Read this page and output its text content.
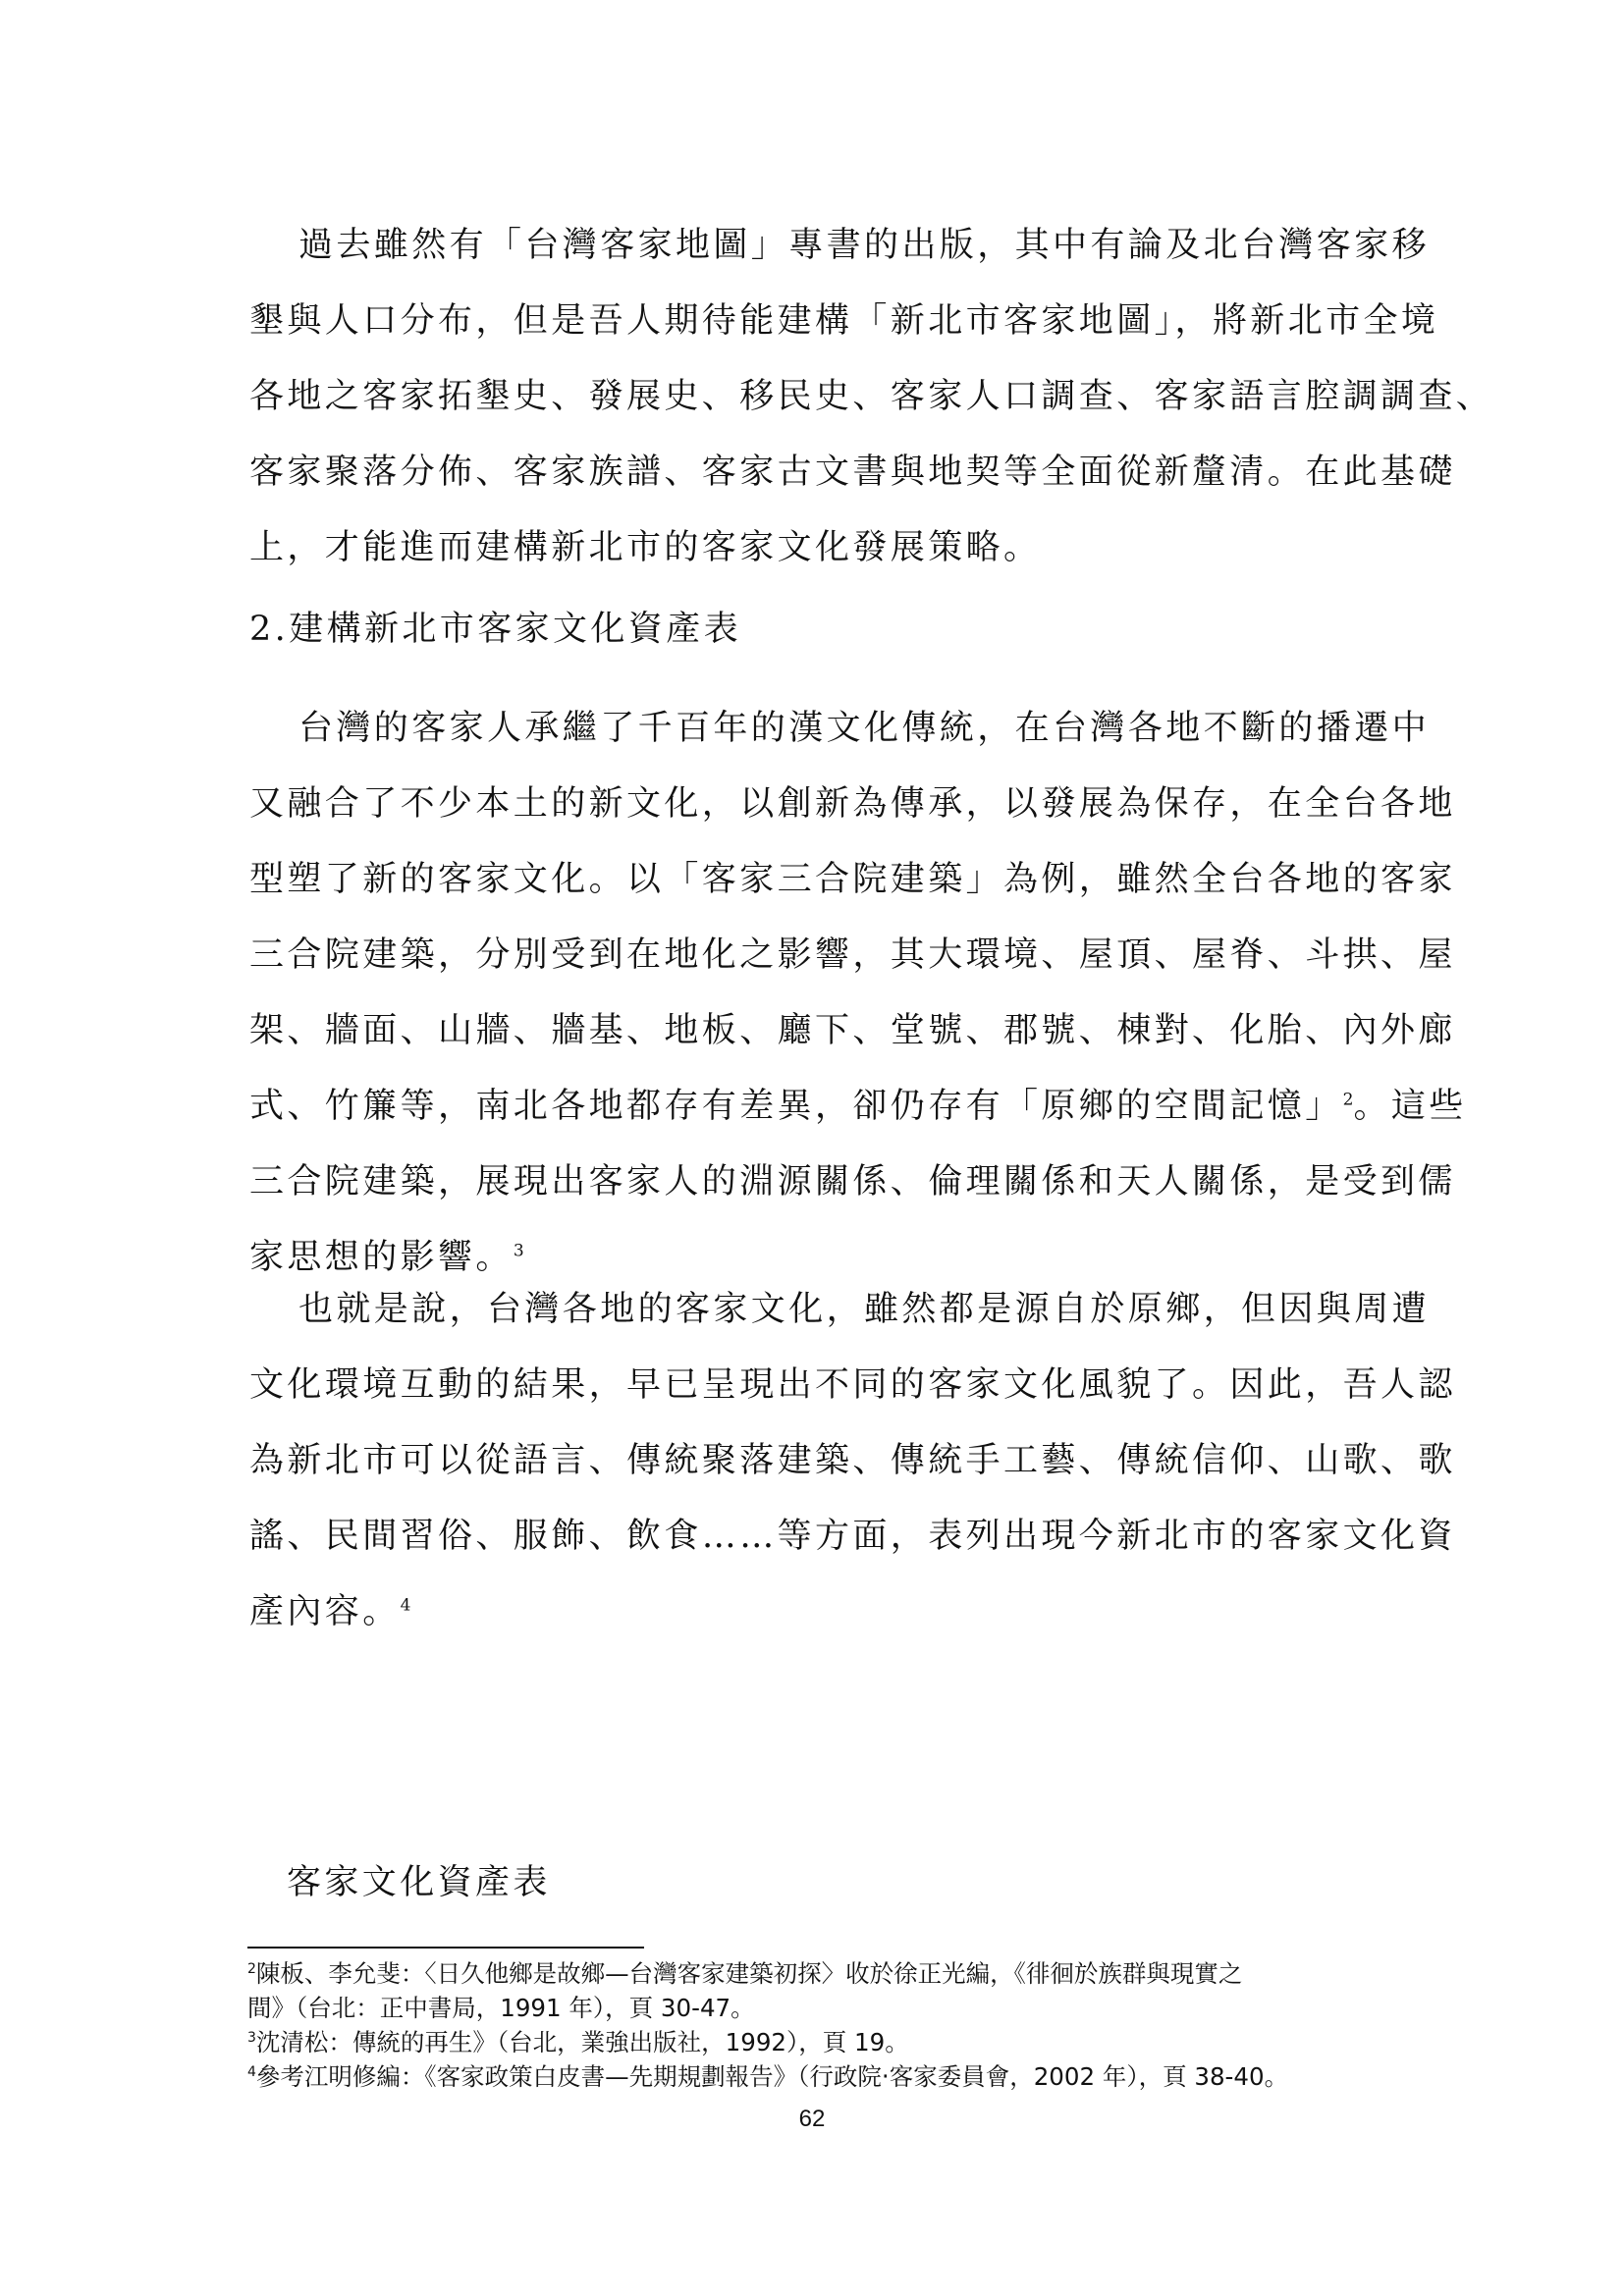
過去雖然有「台灣客家地圖」專書的出版，其中有論及北台灣客家移
墾與人口分布，但是吾人期待能建構「新北市客家地圖」，將新北市全境
各地之客家拓墾史、發展史、移民史、客家人口調查、客家語言腔調調查、
客家聚落分佈、客家族譜、客家古文書與地契等全面從新釐清。在此基礎
上，才能進而建構新北市的客家文化發展策略。
2.建構新北市客家文化資產表
台灣的客家人承繼了千百年的漢文化傳統，在台灣各地不斷的播遷中
又融合了不少本土的新文化，以創新為傳承，以發展為保存，在全台各地
型塑了新的客家文化。以「客家三合院建築」為例，雖然全台各地的客家
三合院建築，分別受到在地化之影響，其大環境、屋頂、屋脊、斗拱、屋
架、牆面、山牆、牆基、地板、廳下、堂號、郡號、棟對、化胎、內外廊
式、竹簾等，南北各地都存有差異，卻仍存有「原鄉的空間記憶」$^2$。這些
三合院建築，展現出客家人的淵源關係、倫理關係和天人關係，是受到儒
家思想的影響。$^3$
也就是說，台灣各地的客家文化，雖然都是源自於原鄉，但因與周遭
文化環境互動的結果，早已呈現出不同的客家文化風貌了。因此，吾人認
為新北市可以從語言、傳統聚落建築、傳統手工藝、傳統信仰、山歌、歌
謠、民間習俗、服飾、飲食……等方面，表列出現今新北市的客家文化資
產內容。$^4$

客家文化資產表

$^2$陳板、李允斐：〈日久他鄉是故鄉—台灣客家建築初探〉收於徐正光編，《徘徊於族群與現實之
間》（台北：正中書局，1991 年），頁 30-47。

$^3$沈清松：傳統的再生》（台北，業強出版社，1992），頁 19。

$^4$參考江明修編：《客家政策白皮書—先期規劃報告》（行政院‧客家委員會，2002 年），頁 38-40。

62
